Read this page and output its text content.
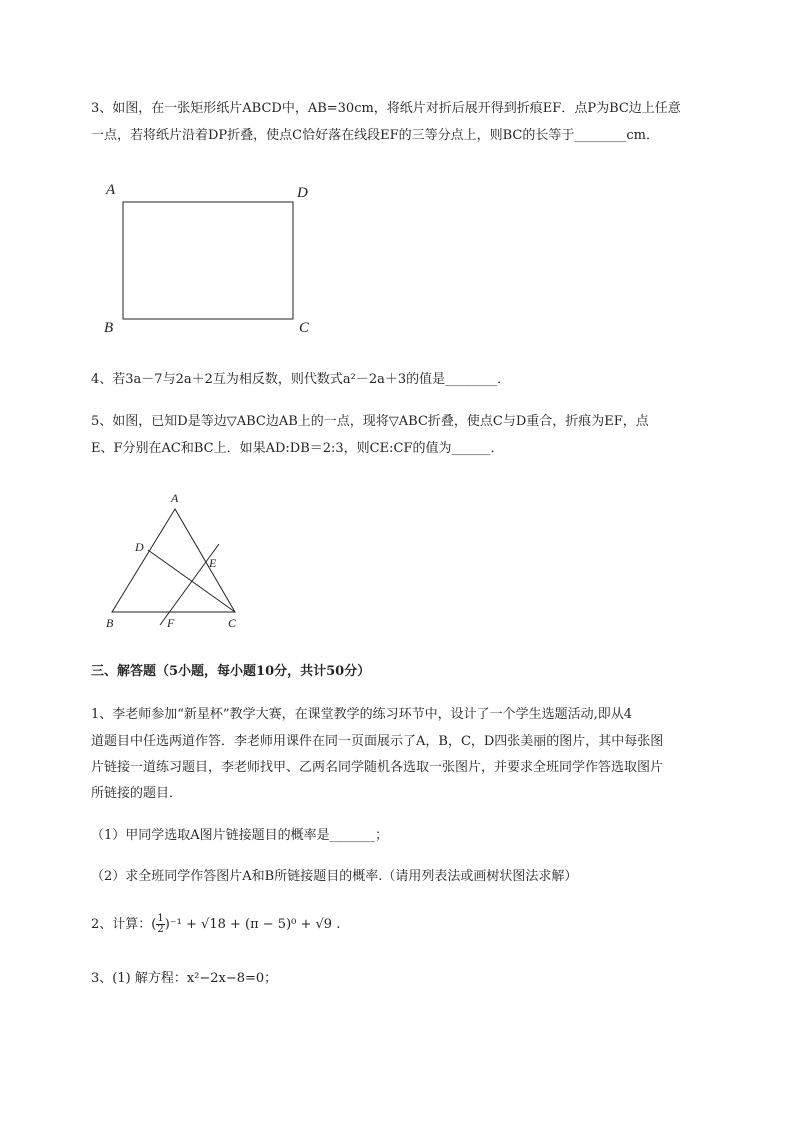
3、如图，在一张矩形纸片ABCD中，AB=30cm，将纸片对折后展开得到折痕EF．点P为BC边上任意
一点，若将纸片沿着DP折叠，使点C恰好落在线段EF的三等分点上，则BC的长等于________cm．
A	D
B	C
4、若3a－7与2a＋2互为相反数，则代数式a²－2a＋3的值是________．
5、如图，已知D是等边▽ABC边AB上的一点，现将▽ABC折叠，使点C与D重合，折痕为EF，点
E、F分别在AC和BC上．如果AD:DB＝2:3，则CE:CF的值为______．
A
D
E
B	F	C
三、解答题（5小题，每小题10分，共计50分）
1、李老师参加“新星杯”教学大赛，在课堂教学的练习环节中，设计了一个学生选题活动,即从4
道题目中任选两道作答．李老师用课件在同一页面展示了A，B，C，D四张美丽的图片，其中每张图
片链接一道练习题目，李老师找甲、乙两名同学随机各选取一张图片，并要求全班同学作答选取图片
所链接的题目．
（1）甲同学选取A图片链接题目的概率是_______；
（2）求全班同学作答图片A和B所链接题目的概率.（请用列表法或画树状图法求解）
2、计算：( $\frac{1}{2} )^{-1} + √18 + (\pi - 5)^0 + √9$ .
3、(1) 解方程：x²−2x−8=0；
